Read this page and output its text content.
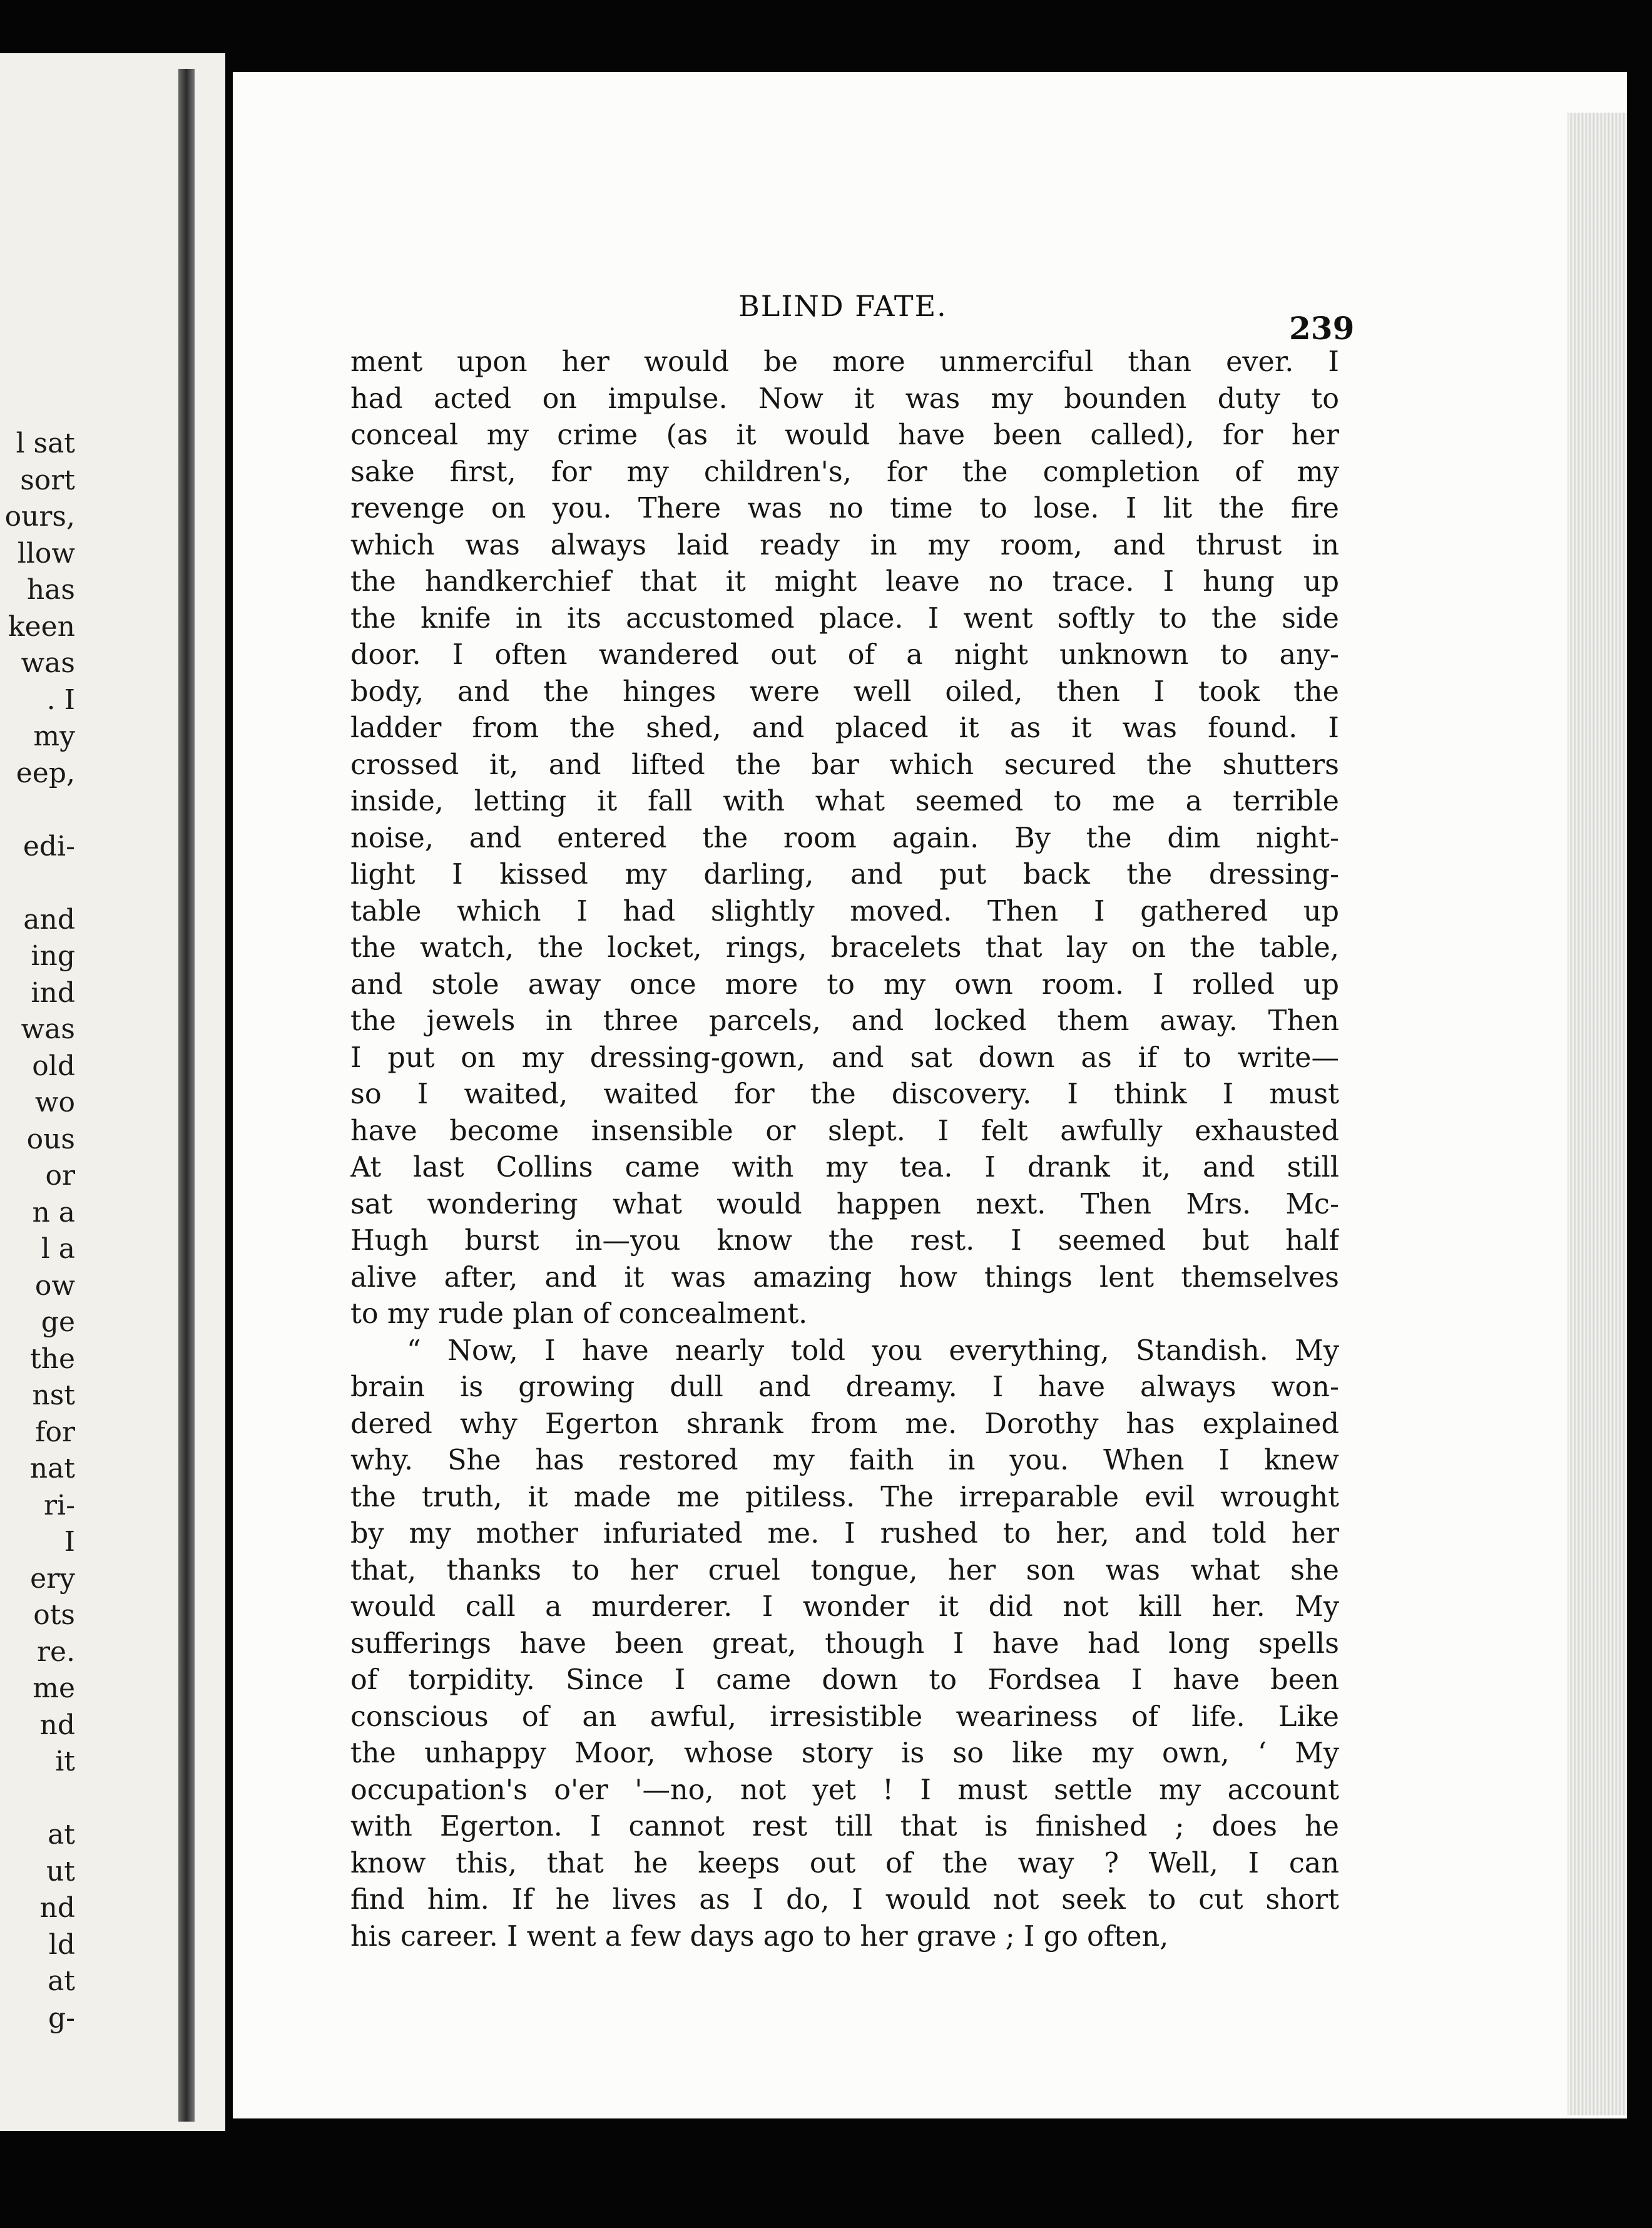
l sat
sort
ours,
llow
has
keen
was
. I
my
eep,
edi-
and
ing
ind
was
old
wo
ous
or
n a
l a
ow
ge
the
nst
for
nat
ri-
I
ery
ots
re.
me
nd
it
at
ut
nd
ld
at
g-
BLIND FATE.
239
ment upon her would be more unmerciful than ever. I
had acted on impulse. Now it was my bounden duty to
conceal my crime (as it would have been called), for her
sake first, for my children's, for the completion of my
revenge on you. There was no time to lose. I lit the fire
which was always laid ready in my room, and thrust in
the handkerchief that it might leave no trace. I hung up
the knife in its accustomed place. I went softly to the side
door. I often wandered out of a night unknown to any-
body, and the hinges were well oiled, then I took the
ladder from the shed, and placed it as it was found. I
crossed it, and lifted the bar which secured the shutters
inside, letting it fall with what seemed to me a terrible
noise, and entered the room again. By the dim night-
light I kissed my darling, and put back the dressing-
table which I had slightly moved. Then I gathered up
the watch, the locket, rings, bracelets that lay on the table,
and stole away once more to my own room. I rolled up
the jewels in three parcels, and locked them away. Then
I put on my dressing-gown, and sat down as if to write—
so I waited, waited for the discovery. I think I must
have become insensible or slept. I felt awfully exhausted
At last Collins came with my tea. I drank it, and still
sat wondering what would happen next. Then Mrs. Mc-
Hugh burst in—you know the rest. I seemed but half
alive after, and it was amazing how things lent themselves
to my rude plan of concealment.
“ Now, I have nearly told you everything, Standish. My
brain is growing dull and dreamy. I have always won-
dered why Egerton shrank from me. Dorothy has explained
why. She has restored my faith in you. When I knew
the truth, it made me pitiless. The irreparable evil wrought
by my mother infuriated me. I rushed to her, and told her
that, thanks to her cruel tongue, her son was what she
would call a murderer. I wonder it did not kill her. My
sufferings have been great, though I have had long spells
of torpidity. Since I came down to Fordsea I have been
conscious of an awful, irresistible weariness of life. Like
the unhappy Moor, whose story is so like my own, ‘ My
occupation's o'er '—no, not yet ! I must settle my account
with Egerton. I cannot rest till that is finished ; does he
know this, that he keeps out of the way ? Well, I can
find him. If he lives as I do, I would not seek to cut short
his career. I went a few days ago to her grave ; I go often,
